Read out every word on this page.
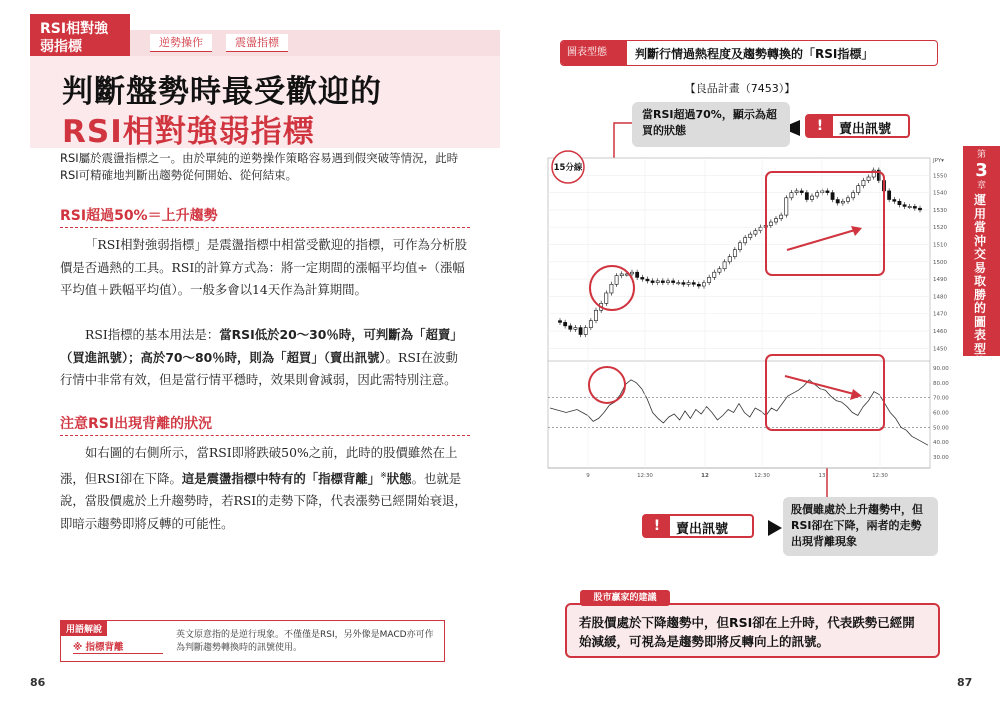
RSI相對強弱指標	逆勢操作	震盪指標
判斷盤勢時最受歡迎的
RSI相對強弱指標
RSI屬於震盪指標之一。由於單純的逆勢操作策略容易遇到假突破等情況，此時RSI可精確地判斷出趨勢從何開始、從何結束。
RSI超過50%＝上升趨勢
「RSI相對強弱指標」是震盪指標中相當受歡迎的指標，可作為分析股價是否過熱的工具。RSI的計算方式為：將一定期間的漲幅平均值÷（漲幅平均值＋跌幅平均值）。一般多會以14天作為計算期間。
RSI指標的基本用法是：當RSI低於20～30％時，可判斷為「超賣」（買進訊號）；高於70～80％時，則為「超買」（賣出訊號）。RSI在波動行情中非常有效，但是當行情平穩時，效果則會減弱，因此需特別注意。
注意RSI出現背離的狀況
如右圖的右側所示，當RSI即將跌破50%之前，此時的股價雖然在上漲，但RSI卻在下降。這是震盪指標中特有的「指標背離」※狀態。也就是說，當股價處於上升趨勢時，若RSI的走勢下降，代表漲勢已經開始衰退，即暗示趨勢即將反轉的可能性。
用語解說
※ 指標背離
英文原意指的是逆行現象。不僅僅是RSI，另外像是MACD亦可作為判斷趨勢轉換時的訊號使用。
86
圖表型態20
判斷行情過熱程度及趨勢轉換的「RSI指標」
【良品計畫（7453）】
當RSI超過70%，顯示為超買的狀態	!	賣出訊號
1550
1540
1530
1520
1510
1500
1490
1480
1470
1460
1450
JPY▾
90.00
80.00
70.00
60.00
50.00
40.00
30.00
9	12:30	12	12:30	13	12:30
15分線
股價雖處於上升趨勢中，但RSI卻在下降，兩者的走勢出現背離現象
!	賣出訊號
第
3
章
運用當沖交易取勝的圖表型態
若股價處於下降趨勢中，但RSI卻在上升時，代表跌勢已經開始減緩，可視為是趨勢即將反轉向上的訊號。
股市贏家的建議
87
